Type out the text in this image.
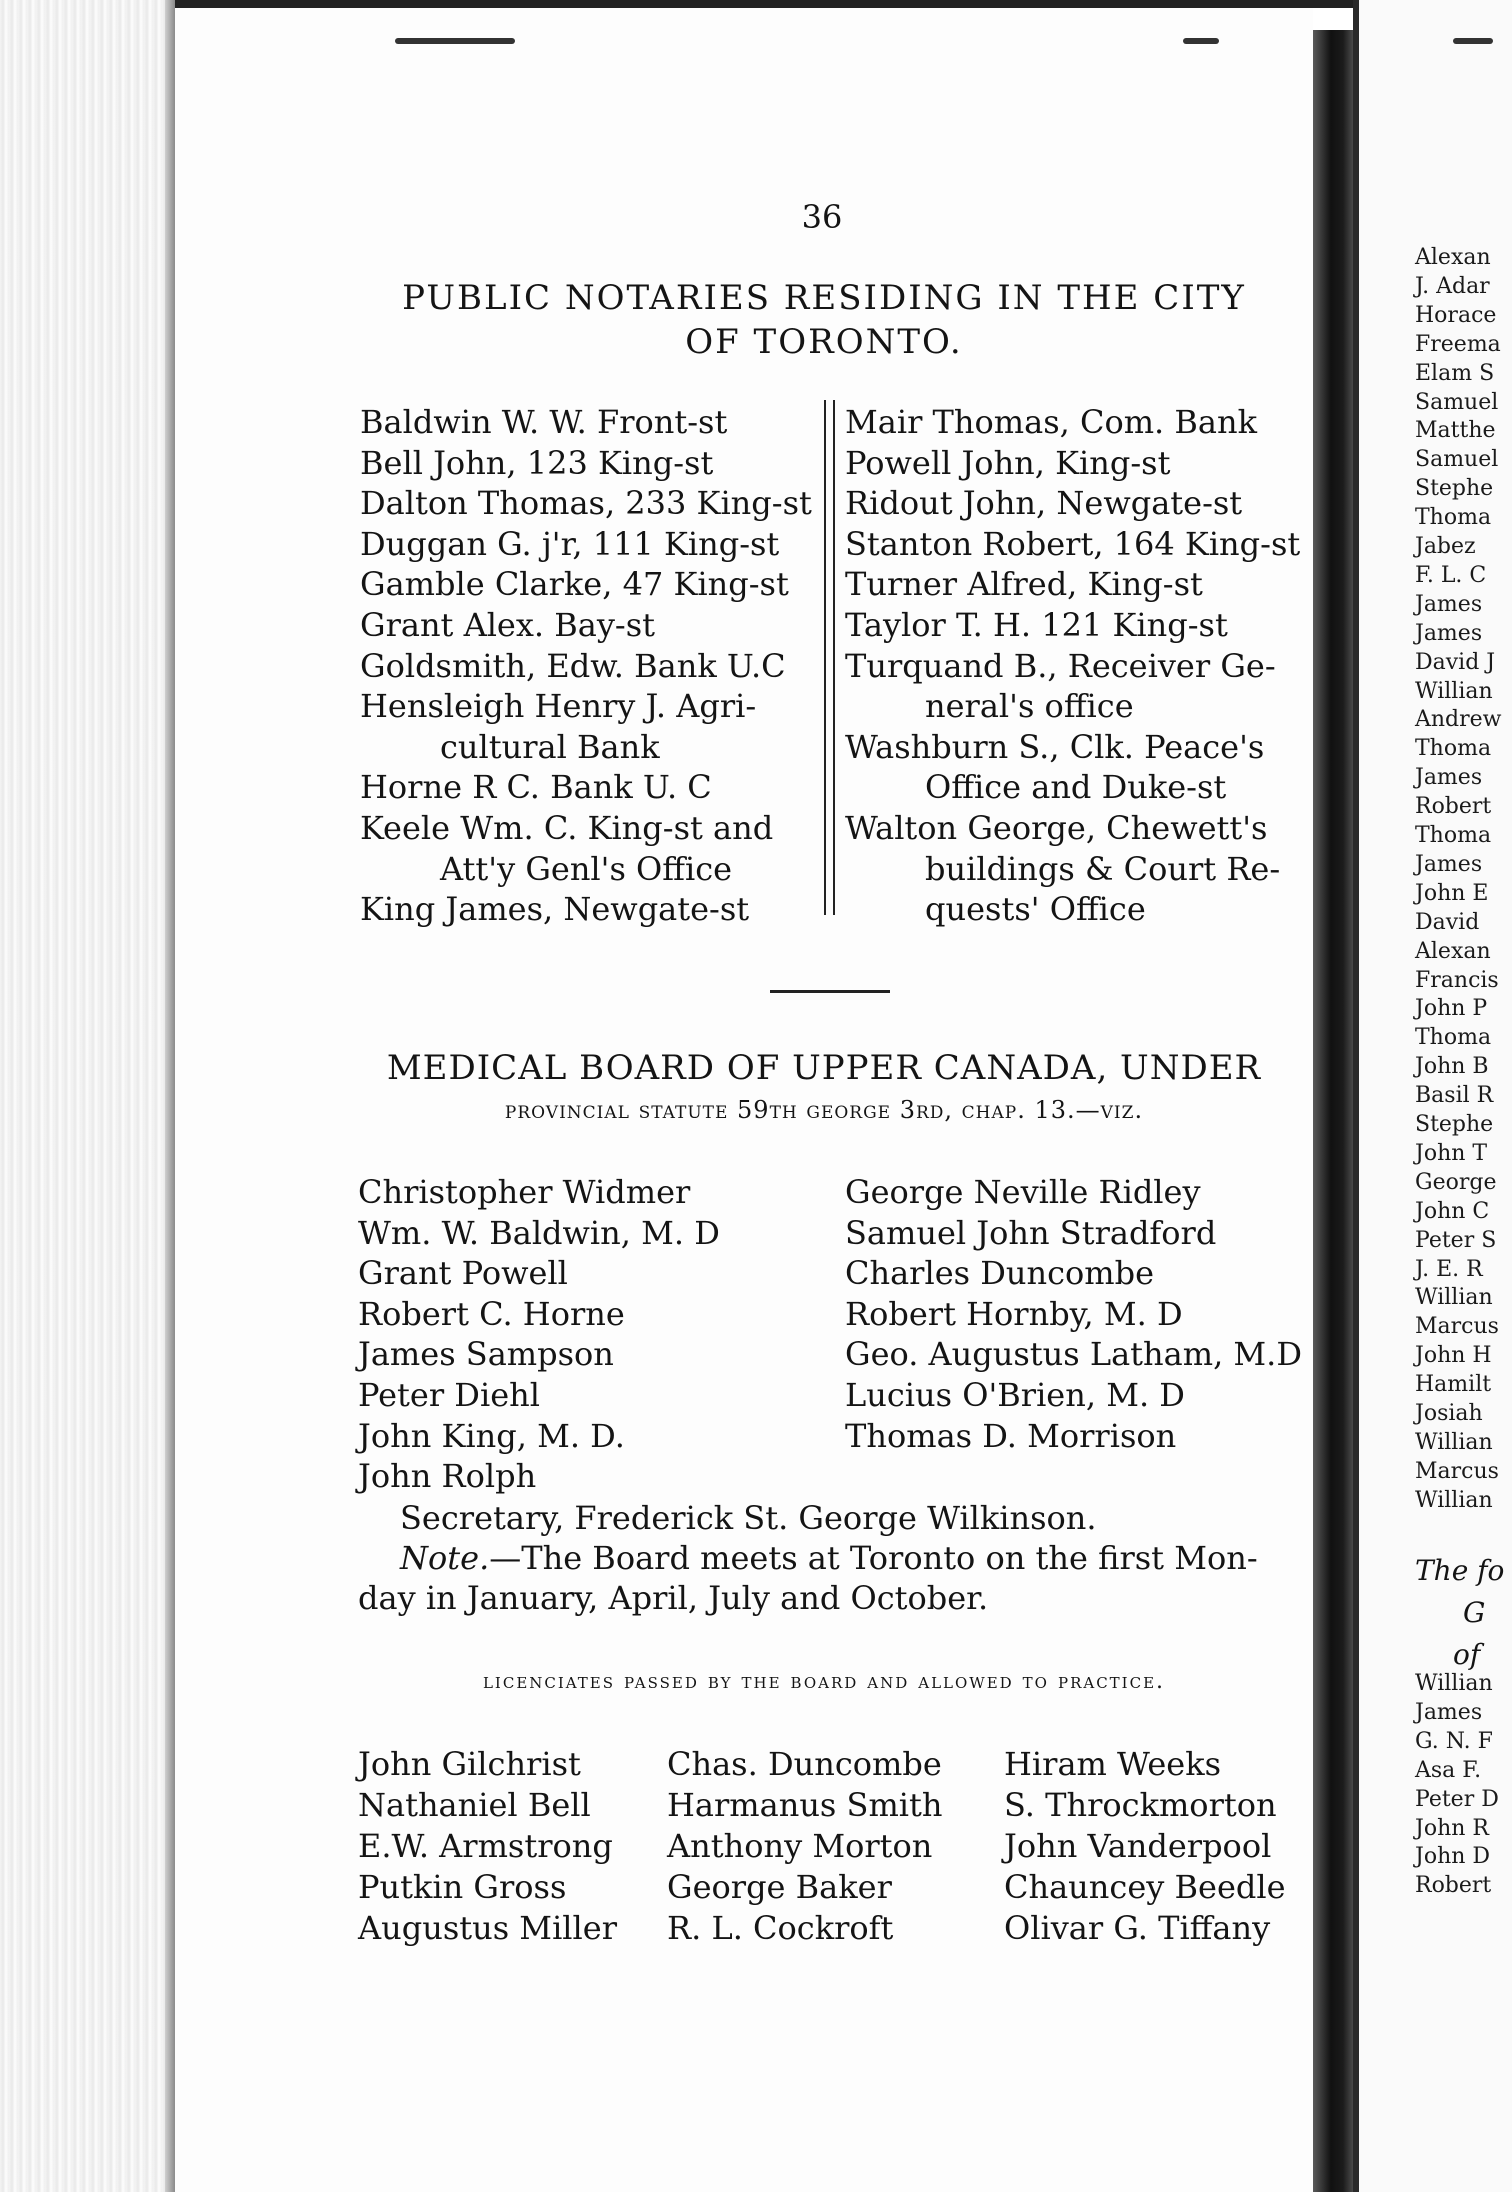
Alexan
J. Adar
Horace
Freema
Elam S
Samuel
Matthe
Samuel
Stephe
Thoma
Jabez
F. L. C
James
James
David J
Willian
Andrew
Thoma
James
Robert
Thoma
James
John E
David
Alexan
Francis
John P
Thoma
John B
Basil R
Stephe
John T
George
John C
Peter S
J. E. R
Willian
Marcus
John H
Hamilt
Josiah
Willian
Marcus
Willian
The fo
G
of
Willian
James
G. N. F
Asa F.
Peter D
John R
John D
Robert
36
PUBLIC NOTARIES RESIDING IN THE CITY
OF TORONTO.
Baldwin W. W. Front-st
Bell John, 123 King-st
Dalton Thomas, 233 King-st
Duggan G. j'r, 111 King-st
Gamble Clarke, 47 King-st
Grant Alex. Bay-st
Goldsmith, Edw. Bank U.C
Hensleigh Henry J. Agri-
cultural Bank
Horne R C. Bank U. C
Keele Wm. C. King-st and
Att'y Genl's Office
King James, Newgate-st
Mair Thomas, Com. Bank
Powell John, King-st
Ridout John, Newgate-st
Stanton Robert, 164 King-st
Turner Alfred, King-st
Taylor T. H. 121 King-st
Turquand B., Receiver Ge-
neral's office
Washburn S., Clk. Peace's
Office and Duke-st
Walton George, Chewett's
buildings & Court Re-
quests' Office
MEDICAL BOARD OF UPPER CANADA, UNDER
provincial statute 59th george 3rd, chap. 13.—viz.
Christopher Widmer
Wm. W. Baldwin, M. D
Grant Powell
Robert C. Horne
James Sampson
Peter Diehl
John King, M. D.
John Rolph
George Neville Ridley
Samuel John Stradford
Charles Duncombe
Robert Hornby, M. D
Geo. Augustus Latham, M.D
Lucius O'Brien, M. D
Thomas D. Morrison
Secretary, Frederick St. George Wilkinson.
Note.—The Board meets at Toronto on the first Mon-
day in January, April, July and October.
licenciates passed by the board and allowed to practice.
John Gilchrist
Nathaniel Bell
E.W. Armstrong
Putkin Gross
Augustus Miller
Chas. Duncombe
Harmanus Smith
Anthony Morton
George Baker
R. L. Cockroft
Hiram Weeks
S. Throckmorton
John Vanderpool
Chauncey Beedle
Olivar G. Tiffany
